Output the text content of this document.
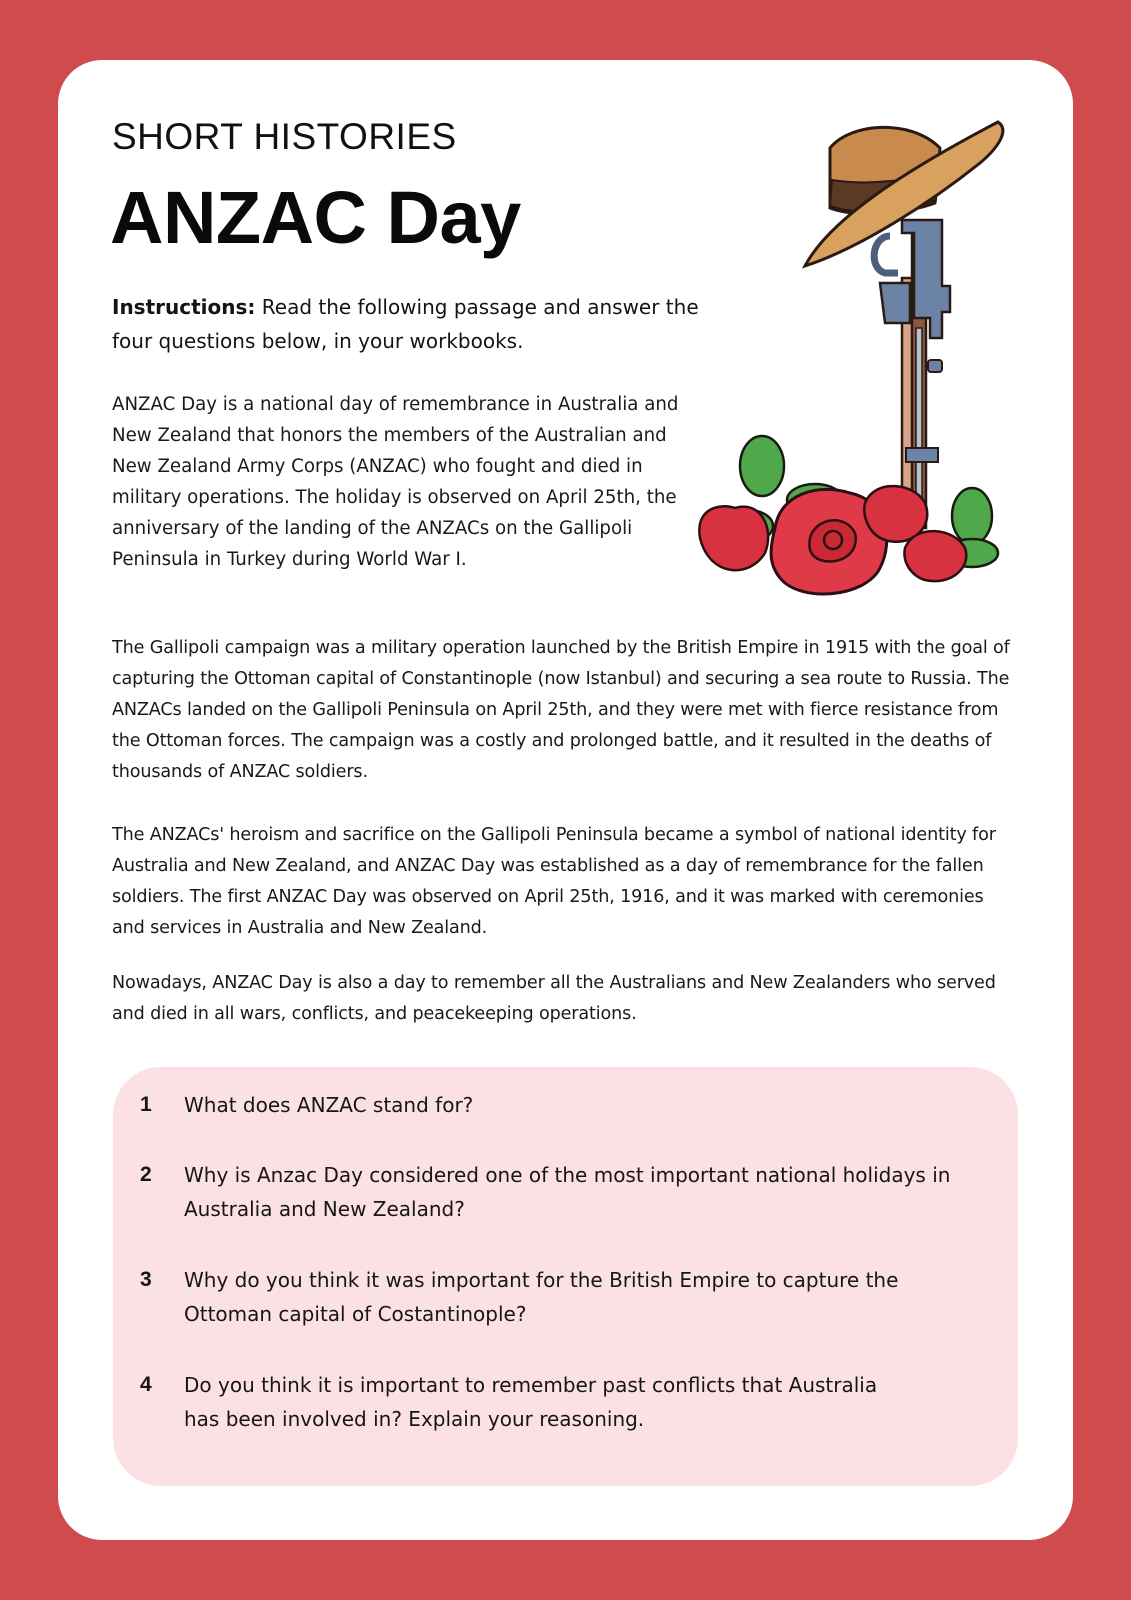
SHORT HISTORIES
ANZAC Day
Instructions: Read the following passage and answer the four questions below, in your workbooks.

ANZAC Day is a national day of remembrance in Australia and New Zealand that honors the members of the Australian and New Zealand Army Corps (ANZAC) who fought and died in military operations. The holiday is observed on April 25th, the anniversary of the landing of the ANZACs on the Gallipoli Peninsula in Turkey during World War I.

The Gallipoli campaign was a military operation launched by the British Empire in 1915 with the goal of capturing the Ottoman capital of Constantinople (now Istanbul) and securing a sea route to Russia. The ANZACs landed on the Gallipoli Peninsula on April 25th, and they were met with fierce resistance from the Ottoman forces. The campaign was a costly and prolonged battle, and it resulted in the deaths of thousands of ANZAC soldiers.

The ANZACs' heroism and sacrifice on the Gallipoli Peninsula became a symbol of national identity for Australia and New Zealand, and ANZAC Day was established as a day of remembrance for the fallen soldiers. The first ANZAC Day was observed on April 25th, 1916, and it was marked with ceremonies and services in Australia and New Zealand.

Nowadays, ANZAC Day is also a day to remember all the Australians and New Zealanders who served and died in all wars, conflicts, and peacekeeping operations.

1	What does ANZAC stand for?
2	Why is Anzac Day considered one of the most important national holidays in Australia and New Zealand?
3	Why do you think it was important for the British Empire to capture the Ottoman capital of Costantinople?
4	Do you think it is important to remember past conflicts that Australia has been involved in? Explain your reasoning.
